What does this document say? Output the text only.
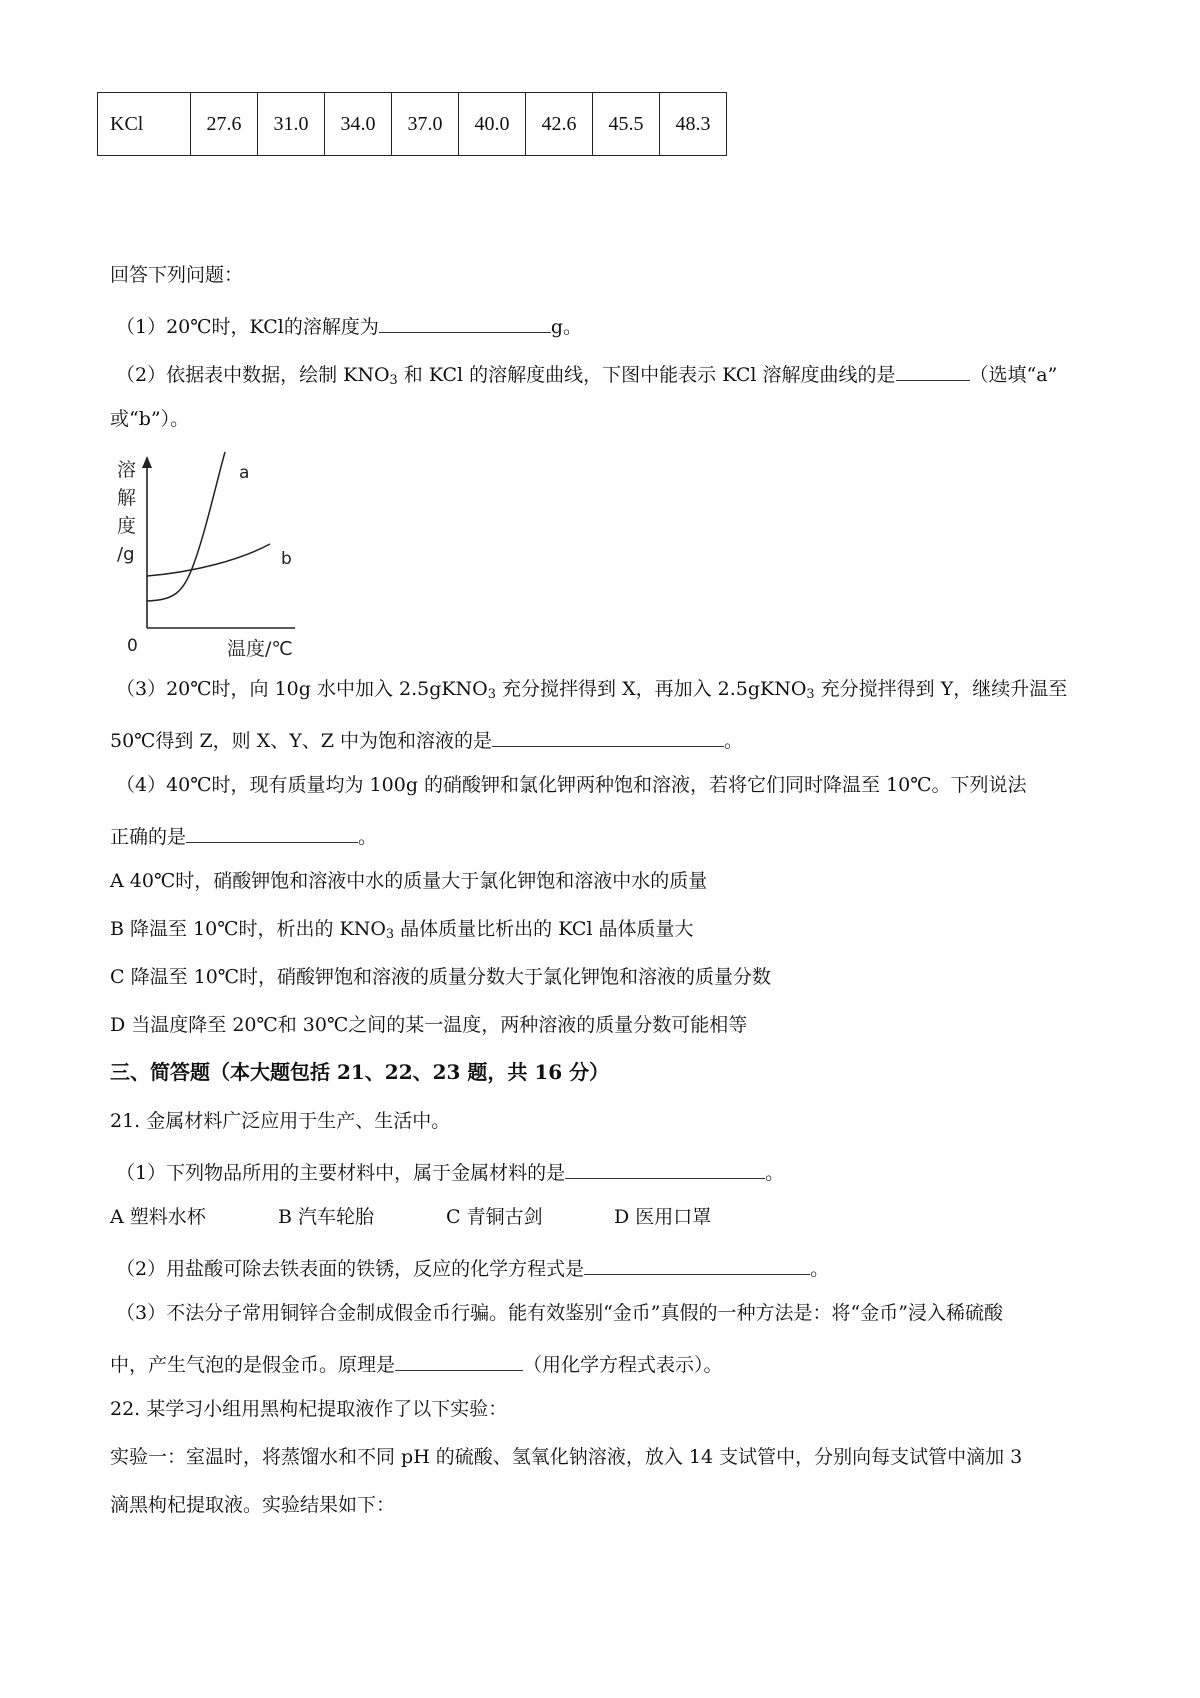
KCl	27.6	31.0	34.0	37.0	40.0	42.6	45.5	48.3
回答下列问题：
（1）20℃时，KCl的溶解度为	g。
（2）依据表中数据，绘制 $KNO_3$ 和 KCl 的溶解度曲线，下图中能表示 KCl 溶解度曲线的是	（选填“a”
或“b”）。
溶
解
度
/g
0	温度/℃
a
b
（3）20℃时，向 10g 水中加入 2.5gKNO$_3$ 充分搅拌得到 X，再加入 2.5gKNO$_3$ 充分搅拌得到 Y，继续升温至
50℃得到 Z，则 X、Y、Z 中为饱和溶液的是	。
（4）40℃时，现有质量均为 100g 的硝酸钾和氯化钾两种饱和溶液，若将它们同时降温至 10℃。下列说法
正确的是	。
A 40℃时，硝酸钾饱和溶液中水的质量大于氯化钾饱和溶液中水的质量
B 降温至 10℃时，析出的 $KNO_3$ 晶体质量比析出的 KCl 晶体质量大
C 降温至 10℃时，硝酸钾饱和溶液的质量分数大于氯化钾饱和溶液的质量分数
D 当温度降至 20℃和 30℃之间的某一温度，两种溶液的质量分数可能相等
三、简答题（本大题包括 21、22、23 题，共 16 分）
21. 金属材料广泛应用于生产、生活中。
（1）下列物品所用的主要材料中，属于金属材料的是	。
A 塑料水杯	B 汽车轮胎	C 青铜古剑	D 医用口罩
（2）用盐酸可除去铁表面的铁锈，反应的化学方程式是	。
（3）不法分子常用铜锌合金制成假金币行骗。能有效鉴别“金币”真假的一种方法是：将“金币”浸入稀硫酸
中，产生气泡的是假金币。原理是	（用化学方程式表示）。
22. 某学习小组用黑枸杞提取液作了以下实验：
实验一：室温时，将蒸馏水和不同 pH 的硫酸、氢氧化钠溶液，放入 14 支试管中，分别向每支试管中滴加 3
滴黑枸杞提取液。实验结果如下：
